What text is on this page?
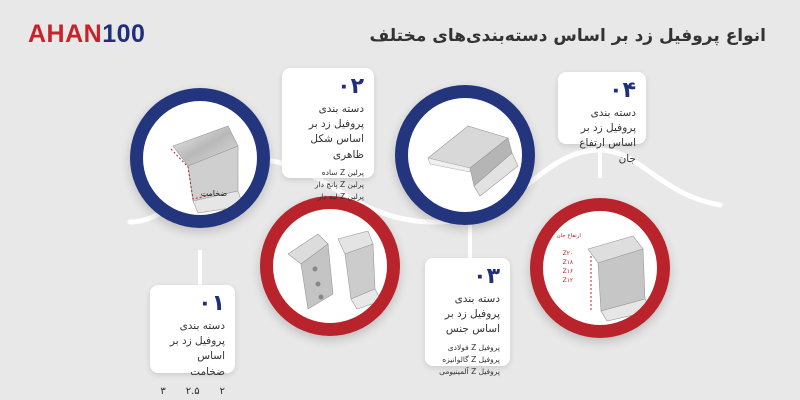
AHAN100	انواع پروفیل زد بر اساس دسته‌بندی‌های مختلف
ضخامت
ارتفاع جان
Z۲۰
Z۱۸
Z۱۶
Z۱۲
۰۱
دسته بندی پروفیل زد بر اساس ضخامت
۳ ۲.۵ ۲
۰۲
دسته بندی پروفیل زد بر اساس شکل ظاهری
پرلین Z ساده
پرلین Z پانچ دار
پرلین Z لبه دار
۰۳
دسته بندی پروفیل زد بر اساس جنس
پروفیل Z فولادی
پروفیل Z گالوانیزه
پروفیل Z آلمینیومی
۰۴
دسته بندی پروفیل زد بر اساس ارتفاع جان
